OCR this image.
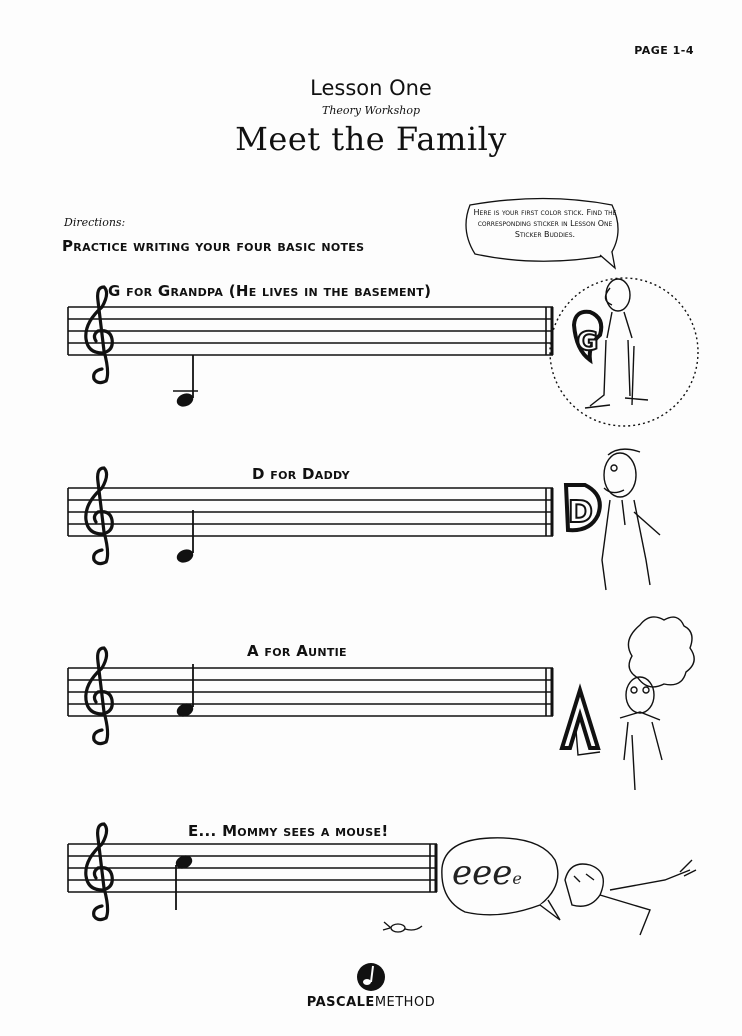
PAGE 1-4
Lesson One
Theory Workshop
Meet the Family
Directions:
Practice writing your four basic notes
G
D
Here is your first color stick. Find the corresponding sticker in Lesson One Sticker Buddies.
G for Grandpa (He lives in the basement)
D for Daddy
A for Auntie
E... Mommy sees a mouse!
eeee
PASCALEMETHOD
